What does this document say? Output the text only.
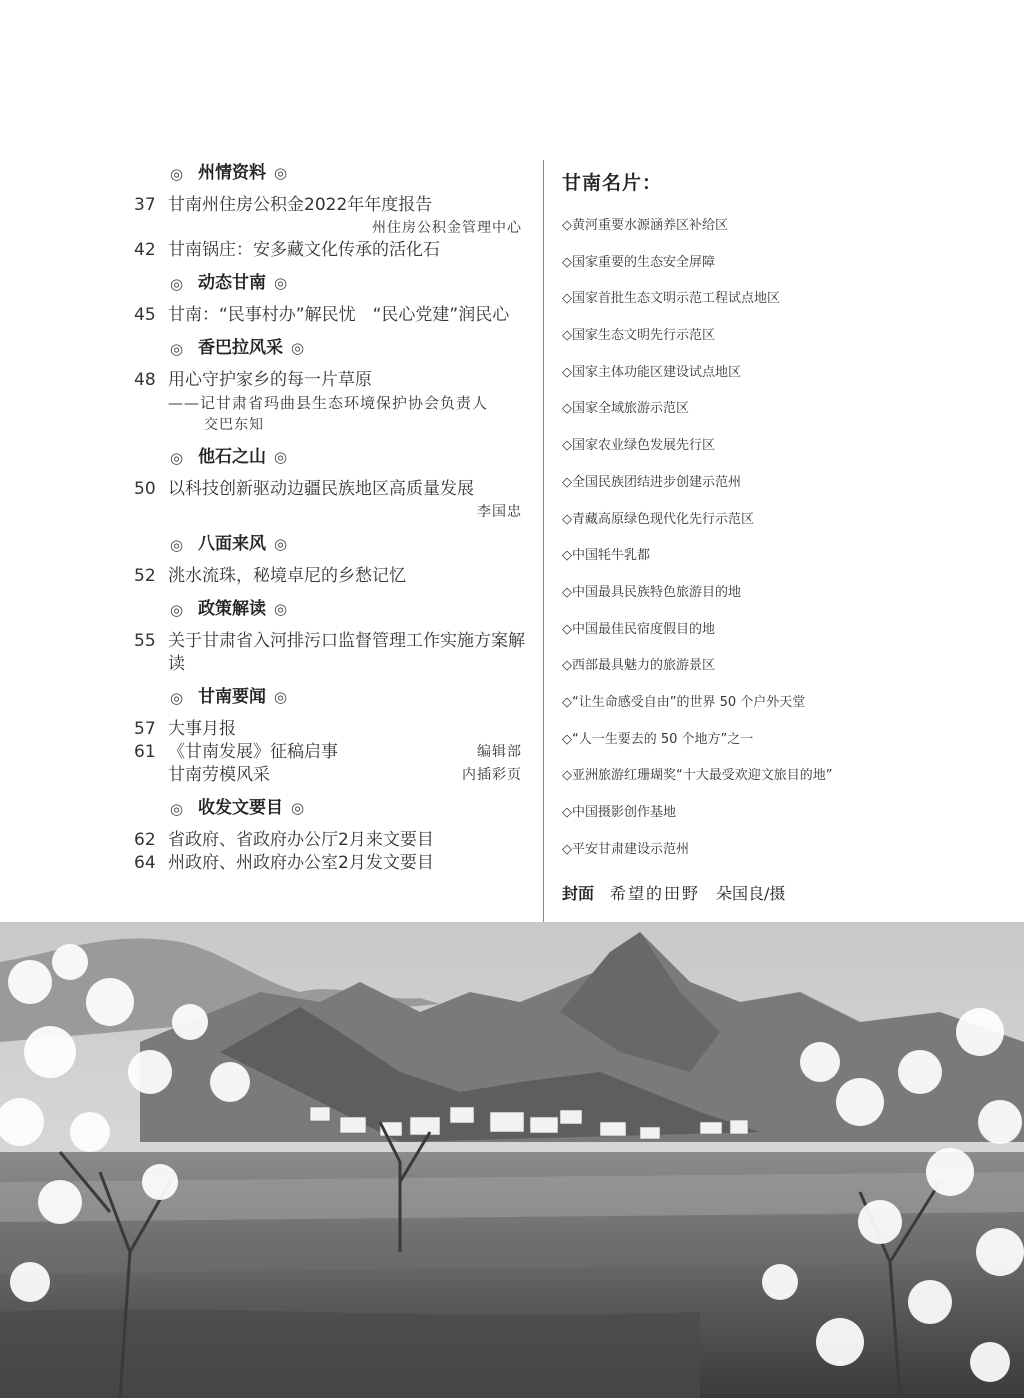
◎ 州情资料 ◎
37 甘南州住房公积金2022年年度报告
州住房公积金管理中心
42 甘南锅庄：安多藏文化传承的活化石
◎ 动态甘南 ◎
45 甘南：“民事村办”解民忧　“民心党建”润民心
◎ 香巴拉风采 ◎
48 用心守护家乡的每一片草原
——记甘肃省玛曲县生态环境保护协会负责人
交巴东知
◎ 他石之山 ◎
50 以科技创新驱动边疆民族地区高质量发展
李国忠
◎ 八面来风 ◎
52 洮水流珠，秘境卓尼的乡愁记忆
◎ 政策解读 ◎
55 关于甘肃省入河排污口监督管理工作实施方案解读
◎ 甘南要闻 ◎
57 大事月报
61 《甘南发展》征稿启事	编辑部
甘南劳模风采	内插彩页
◎ 收发文要目 ◎
62 省政府、省政府办公厅2月来文要目
64 州政府、州政府办公室2月发文要目
甘南名片：
◇黄河重要水源涵养区补给区
◇国家重要的生态安全屏障
◇国家首批生态文明示范工程试点地区
◇国家生态文明先行示范区
◇国家主体功能区建设试点地区
◇国家全域旅游示范区
◇国家农业绿色发展先行区
◇全国民族团结进步创建示范州
◇青藏高原绿色现代化先行示范区
◇中国牦牛乳都
◇中国最具民族特色旅游目的地
◇中国最佳民宿度假目的地
◇西部最具魅力的旅游景区
◇“让生命感受自由”的世界 50 个户外天堂
◇“人一生要去的 50 个地方”之一
◇亚洲旅游红珊瑚奖“十大最受欢迎文旅目的地”
◇中国摄影创作基地
◇平安甘肃建设示范州
封面 希望的田野 朵国良/摄
